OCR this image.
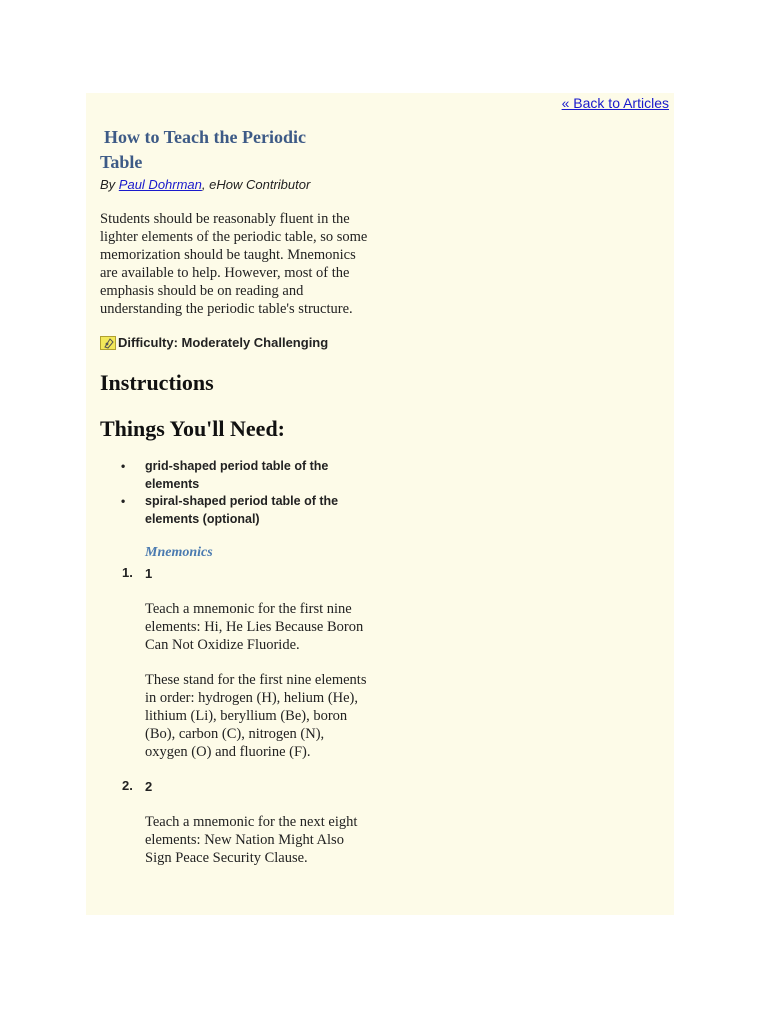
« Back to Articles
How to Teach the Periodic
Table
By Paul Dohrman, eHow Contributor
Students should be reasonably fluent in the lighter elements of the periodic table, so some memorization should be taught. Mnemonics are available to help. However, most of the emphasis should be on reading and understanding the periodic table's structure.
Difficulty: Moderately Challenging
Instructions
Things You'll Need:
• grid-shaped period table of the elements
• spiral-shaped period table of the elements (optional)
Mnemonics
1. 1

Teach a mnemonic for the first nine elements: Hi, He Lies Because Boron Can Not Oxidize Fluoride.

These stand for the first nine elements in order: hydrogen (H), helium (He), lithium (Li), beryllium (Be), boron (Bo), carbon (C), nitrogen (N), oxygen (O) and fluorine (F).

2. 2

Teach a mnemonic for the next eight elements: New Nation Might Also Sign Peace Security Clause.
